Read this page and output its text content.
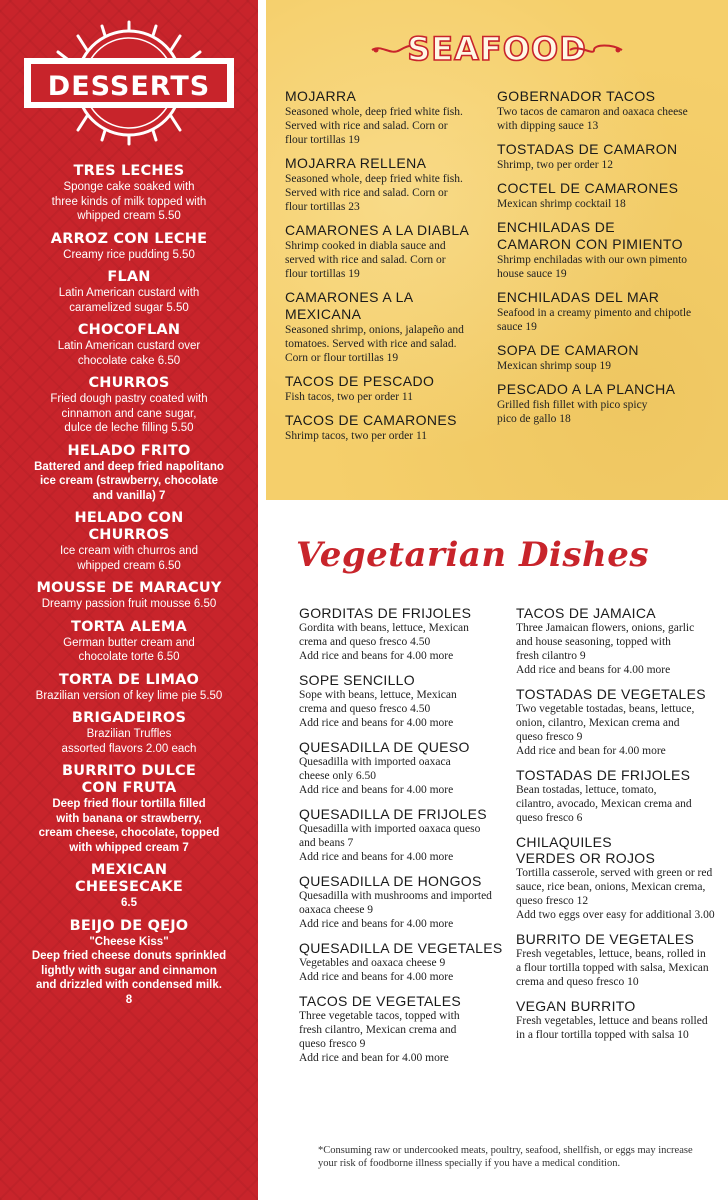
DESSERTS
TRES LECHES
Sponge cake soaked with
three kinds of milk topped with
whipped cream 5.50
ARROZ CON LECHE
Creamy rice pudding 5.50
FLAN
Latin American custard with
caramelized sugar 5.50
CHOCOFLAN
Latin American custard over
chocolate cake 6.50
CHURROS
Fried dough pastry coated with
cinnamon and cane sugar,
dulce de leche filling 5.50
HELADO FRITO
Battered and deep fried napolitano
ice cream (strawberry, chocolate
and vanilla) 7
HELADO CON
CHURROS
Ice cream with churros and
whipped cream 6.50
MOUSSE DE MARACUY
Dreamy passion fruit mousse 6.50
TORTA ALEMA
German butter cream and
chocolate torte 6.50
TORTA DE LIMAO
Brazilian version of key lime pie 5.50
BRIGADEIROS
Brazilian Truffles
assorted flavors 2.00 each
BURRITO DULCE
CON FRUTA
Deep fried flour tortilla filled
with banana or strawberry,
cream cheese, chocolate, topped
with whipped cream 7
MEXICAN
CHEESECAKE
6.5
BEIJO DE QEJO
"Cheese Kiss"
Deep fried cheese donuts sprinkled
lightly with sugar and cinnamon
and drizzled with condensed milk.
8
SEAFOOD
MOJARRA
Seasoned whole, deep fried white fish.
Served with rice and salad. Corn or
flour tortillas 19
MOJARRA RELLENA
Seasoned whole, deep fried white fish.
Served with rice and salad. Corn or
flour tortillas 23
CAMARONES A LA DIABLA
Shrimp cooked in diabla sauce and
served with rice and salad. Corn or
flour tortillas 19
CAMARONES A LA
MEXICANA
Seasoned shrimp, onions, jalapeño and
tomatoes. Served with rice and salad.
Corn or flour tortillas 19
TACOS DE PESCADO
Fish tacos, two per order 11
TACOS DE CAMARONES
Shrimp tacos, two per order 11
GOBERNADOR TACOS
Two tacos de camaron and oaxaca cheese
with dipping sauce 13
TOSTADAS DE CAMARON
Shrimp, two per order 12
COCTEL DE CAMARONES
Mexican shrimp cocktail 18
ENCHILADAS DE
CAMARON CON PIMIENTO
Shrimp enchiladas with our own pimento
house sauce 19
ENCHILADAS DEL MAR
Seafood in a creamy pimento and chipotle
sauce 19
SOPA DE CAMARON
Mexican shrimp soup 19
PESCADO A LA PLANCHA
Grilled fish fillet with pico spicy
pico de gallo 18
Vegetarian Dishes
GORDITAS DE FRIJOLES
Gordita with beans, lettuce, Mexican
crema and queso fresco 4.50
Add rice and beans for 4.00 more
SOPE SENCILLO
Sope with beans, lettuce, Mexican
crema and queso fresco 4.50
Add rice and beans for 4.00 more
QUESADILLA DE QUESO
Quesadilla with imported oaxaca
cheese only 6.50
Add rice and beans for 4.00 more
QUESADILLA DE FRIJOLES
Quesadilla with imported oaxaca queso
and beans 7
Add rice and beans for 4.00 more
QUESADILLA DE HONGOS
Quesadilla with mushrooms and imported
oaxaca cheese 9
Add rice and beans for 4.00 more
QUESADILLA DE VEGETALES
Vegetables and oaxaca cheese 9
Add rice and beans for 4.00 more
TACOS DE VEGETALES
Three vegetable tacos, topped with
fresh cilantro, Mexican crema and
queso fresco 9
Add rice and bean for 4.00 more
TACOS DE JAMAICA
Three Jamaican flowers, onions, garlic
and house seasoning, topped with
fresh cilantro 9
Add rice and beans for 4.00 more
TOSTADAS DE VEGETALES
Two vegetable tostadas, beans, lettuce,
onion, cilantro, Mexican crema and
queso fresco 9
Add rice and bean for 4.00 more
TOSTADAS DE FRIJOLES
Bean tostadas, lettuce, tomato,
cilantro, avocado, Mexican crema and
queso fresco 6
CHILAQUILES
VERDES OR ROJOS
Tortilla casserole, served with green or red
sauce, rice bean, onions, Mexican crema,
queso fresco 12
Add two eggs over easy for additional 3.00
BURRITO DE VEGETALES
Fresh vegetables, lettuce, beans, rolled in
a flour tortilla topped with salsa, Mexican
crema and queso fresco 10
VEGAN BURRITO
Fresh vegetables, lettuce and beans rolled
in a flour tortilla topped with salsa 10
*Consuming raw or undercooked meats, poultry, seafood, shellfish, or eggs may increase your risk of foodborne illness specially if you have a medical condition.
